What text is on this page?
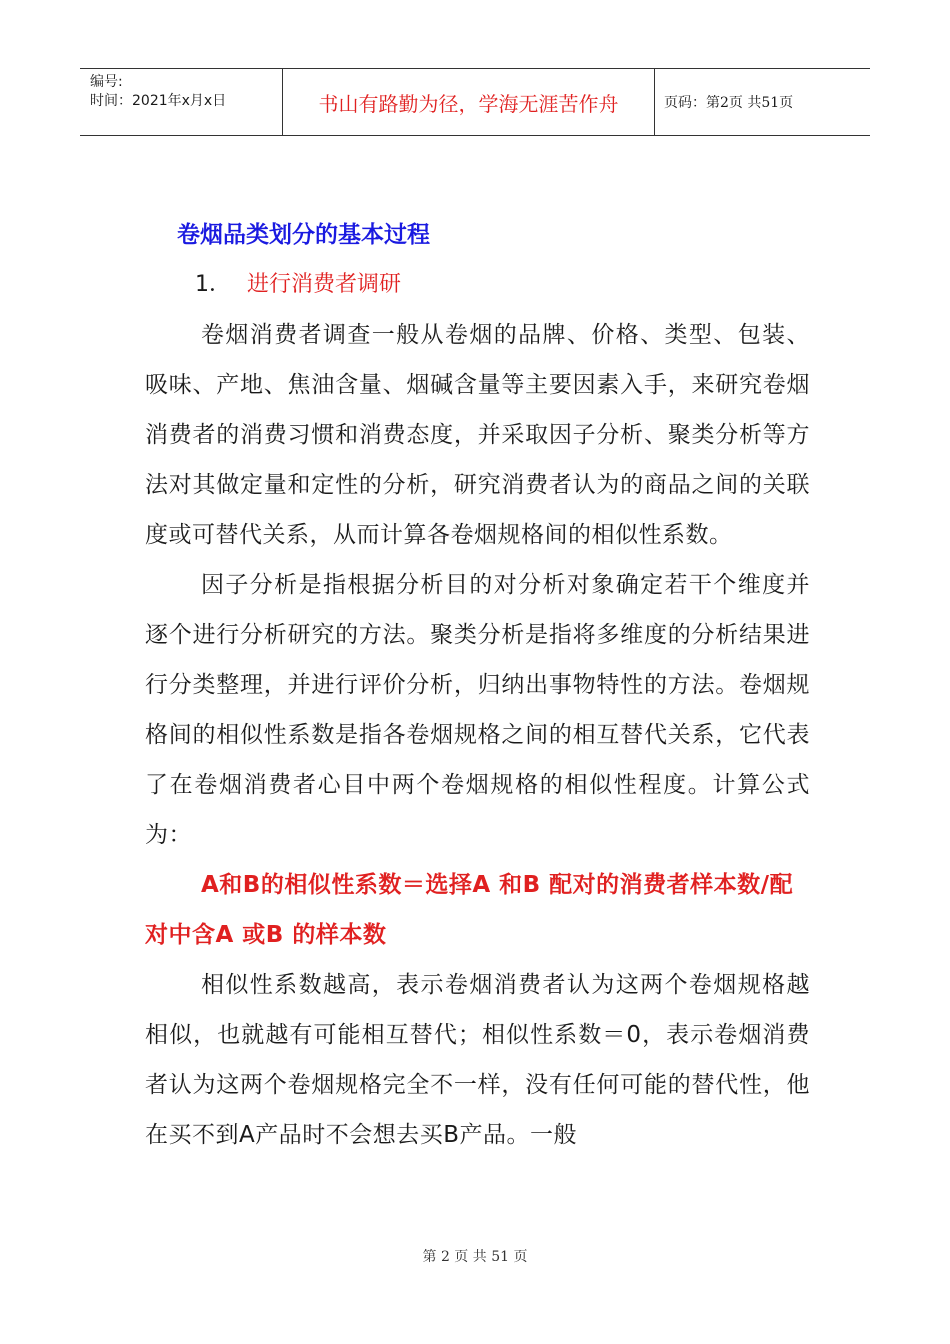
编号:
时间：2021年x月x日	书山有路勤为径，学海无涯苦作舟	页码：第2页 共51页
卷烟品类划分的基本过程
1． 进行消费者调研

卷烟消费者调查一般从卷烟的品牌、价格、类型、包装、吸味、产地、焦油含量、烟碱含量等主要因素入手，来研究卷烟消费者的消费习惯和消费态度，并采取因子分析、聚类分析等方法对其做定量和定性的分析，研究消费者认为的商品之间的关联度或可替代关系，从而计算各卷烟规格间的相似性系数。

因子分析是指根据分析目的对分析对象确定若干个维度并逐个进行分析研究的方法。聚类分析是指将多维度的分析结果进行分类整理，并进行评价分析，归纳出事物特性的方法。卷烟规格间的相似性系数是指各卷烟规格之间的相互替代关系，它代表了在卷烟消费者心目中两个卷烟规格的相似性程度。计算公式为：

A和B的相似性系数＝选择A 和B 配对的消费者样本数/配对中含A 或B 的样本数

相似性系数越高，表示卷烟消费者认为这两个卷烟规格越相似，也就越有可能相互替代；相似性系数＝0，表示卷烟消费者认为这两个卷烟规格完全不一样，没有任何可能的替代性，他在买不到A产品时不会想去买B产品。一般

第 2 页 共 51 页
